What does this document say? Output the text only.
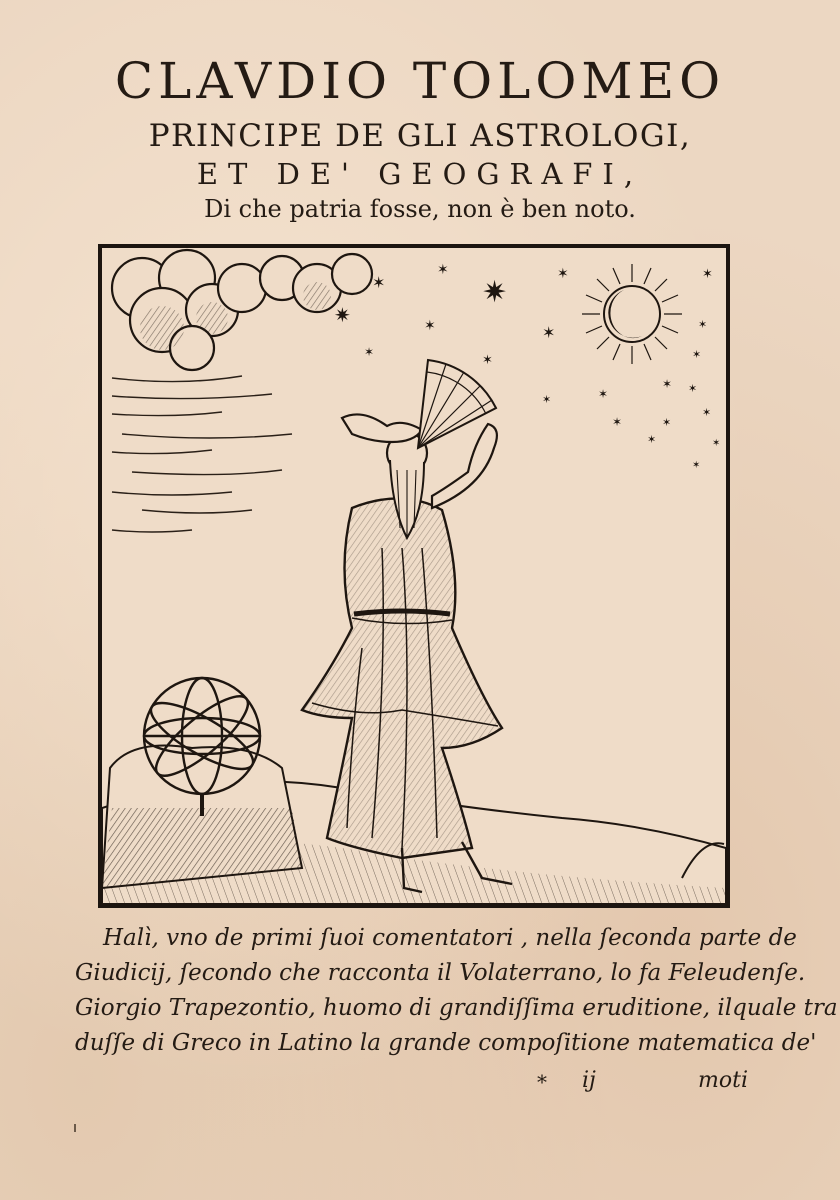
CLAVDIO TOLOMEO
PRINCIPE DE GLI ASTROLOGI,
ET DE' GEOGRAFI,
Di che patria fosse, non è ben noto.
✶
✶
✷
✷	✶	✶
✶
✶
✶	✶
✶
✶
✶
✶
✶
✶
✶	✶
✶
✶
✶
✶
Halì, vno de primi ſuoi comentatori , nella ſeconda parte de
Giudicij, ſecondo che racconta il Volaterrano, lo fa Feleudenſe.
Giorgio Trapezontio, huomo di grandiſſima eruditione, ilquale tra
duſſe di Greco in Latino la grande compoſitione matematica de'
* ij	moti
